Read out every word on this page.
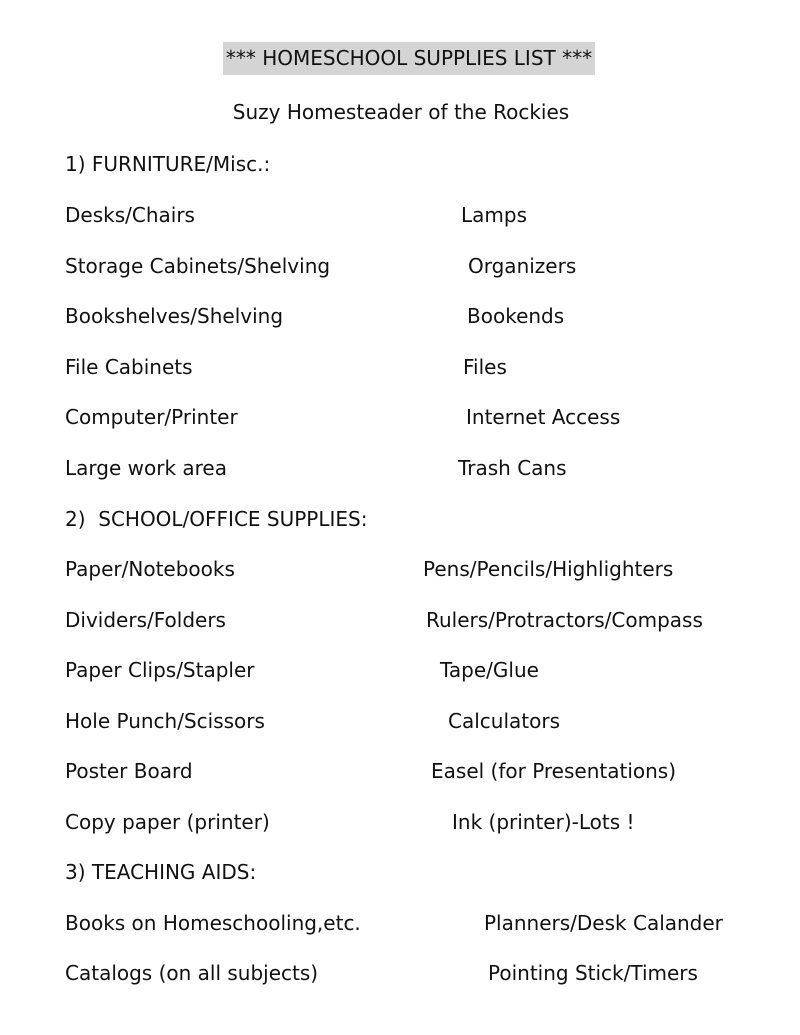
*** HOMESCHOOL SUPPLIES LIST ***
Suzy Homesteader of the Rockies
1) FURNITURE/Misc.:
Desks/Chairs	Lamps
Storage Cabinets/Shelving	Organizers
Bookshelves/Shelving	Bookends
File Cabinets	Files
Computer/Printer	Internet Access
Large work area	Trash Cans
2)  SCHOOL/OFFICE SUPPLIES:
Paper/Notebooks	Pens/Pencils/Highlighters
Dividers/Folders	Rulers/Protractors/Compass
Paper Clips/Stapler	Tape/Glue
Hole Punch/Scissors	Calculators
Poster Board	Easel (for Presentations)
Copy paper (printer)	Ink (printer)-Lots !
3) TEACHING AIDS:
Books on Homeschooling,etc.	Planners/Desk Calander
Catalogs (on all subjects)	Pointing Stick/Timers
